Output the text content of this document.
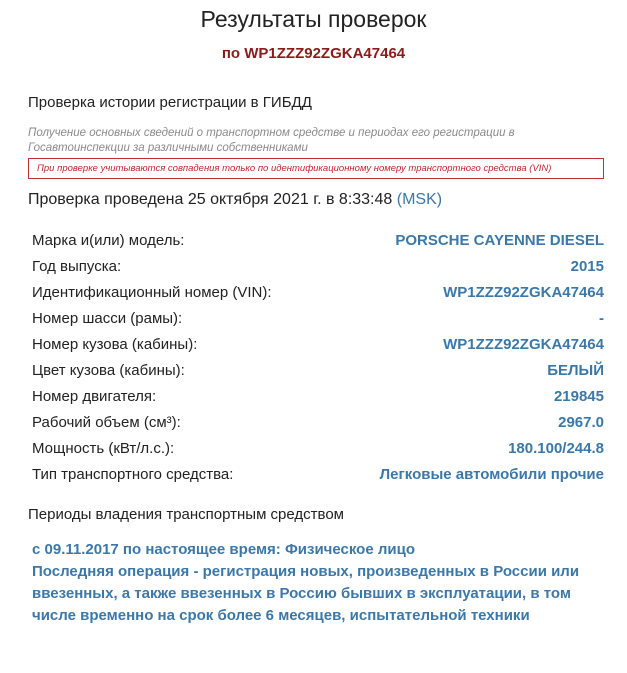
Результаты проверок
по WP1ZZZ92ZGKA47464
Проверка истории регистрации в ГИБДД
Получение основных сведений о транспортном средстве и периодах его регистрации в Госавтоинспекции за различными собственниками
При проверке учитываются совпадения только по идентификационному номеру транспортного средства (VIN)
Проверка проведена 25 октября 2021 г. в 8:33:48 (MSK)
Марка и(или) модель:	PORSCHE CAYENNE DIESEL
Год выпуска:	2015
Идентификационный номер (VIN):	WP1ZZZ92ZGKA47464
Номер шасси (рамы):	-
Номер кузова (кабины):	WP1ZZZ92ZGKA47464
Цвет кузова (кабины):	БЕЛЫЙ
Номер двигателя:	219845
Рабочий объем (см³):	2967.0
Мощность (кВт/л.с.):	180.100/244.8
Тип транспортного средства:	Легковые автомобили прочие
Периоды владения транспортным средством
с 09.11.2017 по настоящее время: Физическое лицо
Последняя операция - регистрация новых, произведенных в России или ввезенных, а также ввезенных в Россию бывших в эксплуатации, в том числе временно на срок более 6 месяцев, испытательной техники
